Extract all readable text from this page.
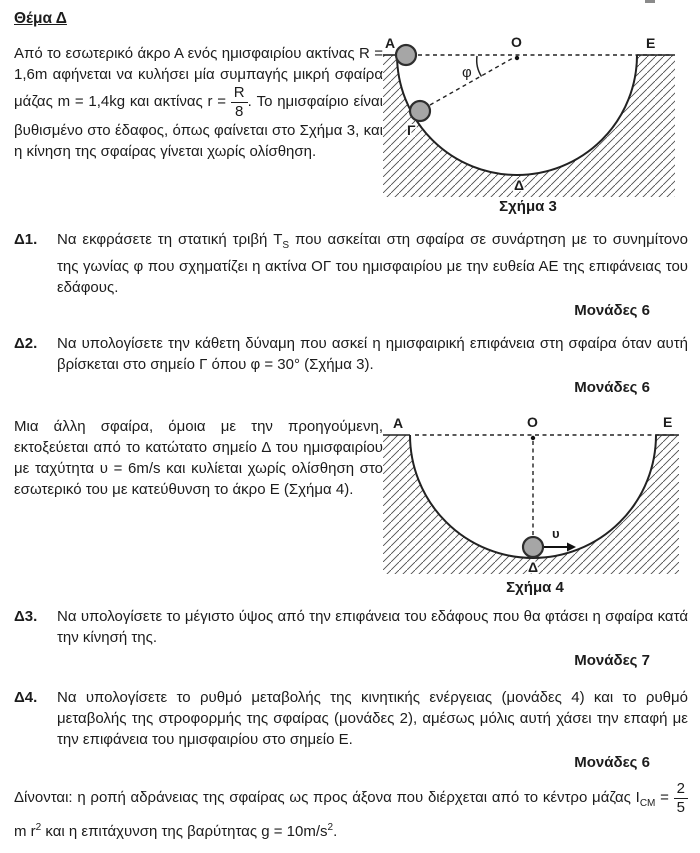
Θέμα Δ

Από το εσωτερικό άκρο Α ενός ημισφαιρίου ακτίνας R = 1,6m αφήνεται να κυλήσει μία συμπαγής μικρή σφαίρα μάζας m = 1,4kg και ακτίνας $r = \frac{R}{8}$ . Το ημισφαίριο είναι βυθισμένο στο έδαφος, όπως φαίνεται στο Σχήμα 3, και η κίνηση της σφαίρας γίνεται χωρίς ολίσθηση.

A	O	E
Γ
φ
Δ
Σχήμα 3
Δ1.	Να εκφράσετε τη στατική τριβή $T_S$ που ασκείται στη σφαίρα σε συνάρτηση με το συνημίτονο της γωνίας φ που σχηματίζει η ακτίνα ΟΓ του ημισφαιρίου με την ευθεία ΑΕ της επιφάνειας του εδάφους.
Μονάδες 6
Δ2.	Να υπολογίσετε την κάθετη δύναμη που ασκεί η ημισφαιρική επιφάνεια στη σφαίρα όταν αυτή βρίσκεται στο σημείο Γ όπου φ = 30° (Σχήμα 3).
Μονάδες 6

Μια άλλη σφαίρα, όμοια με την προηγούμενη, εκτοξεύεται από το κατώτατο σημείο Δ του ημισφαιρίου με ταχύτητα υ = 6m/s και κυλίεται χωρίς ολίσθηση στο εσωτερικό του με κατεύθυνση το άκρο Ε (Σχήμα 4).

υ
A	O	E
Δ
Σχήμα 4
Δ3.	Να υπολογίσετε το μέγιστο ύψος από την επιφάνεια του εδάφους που θα φτάσει η σφαίρα κατά την κίνησή της.
Μονάδες 7
Δ4.	Να υπολογίσετε το ρυθμό μεταβολής της κινητικής ενέργειας (μονάδες 4) και το ρυθμό μεταβολής της στροφορμής της σφαίρας (μονάδες 2), αμέσως μόλις αυτή χάσει την επαφή με την επιφάνεια του ημισφαιρίου στο σημείο Ε.
Μονάδες 6

Δίνονται: η ροπή αδράνειας της σφαίρας ως προς άξονα που διέρχεται από το κέντρο μάζας $I_{CM} = \frac{2}{5}$
m $r^2$ και η επιτάχυνση της βαρύτητας $g = 10m/s^2$.
